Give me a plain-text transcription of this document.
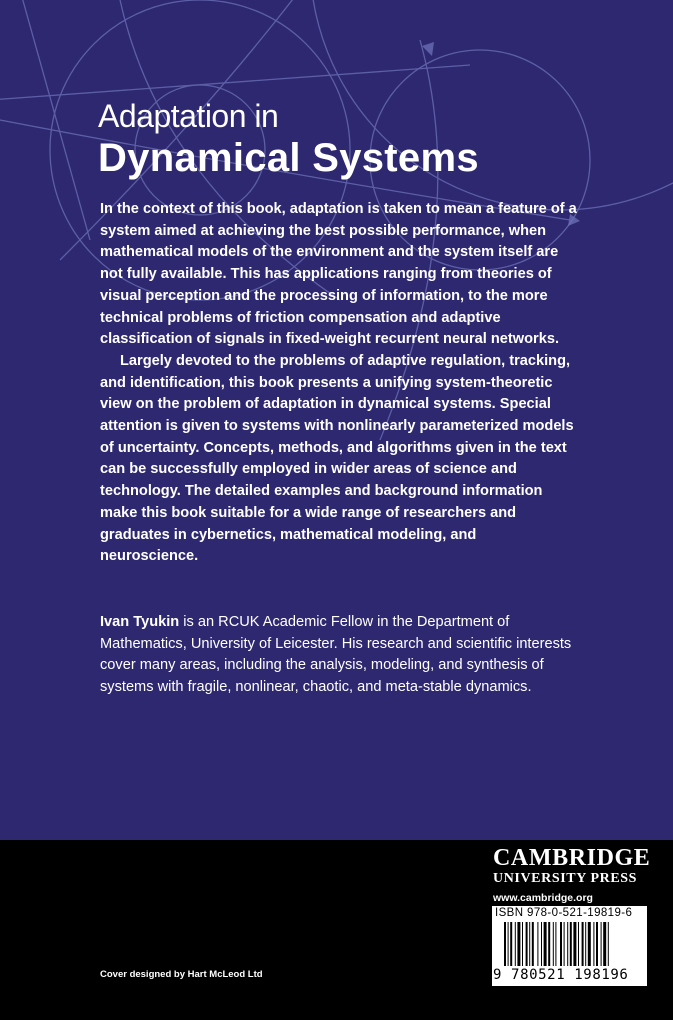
Adaptation in
Dynamical Systems

In the context of this book, adaptation is taken to mean a feature of a system aimed at achieving the best possible performance, when mathematical models of the environment and the system itself are not fully available. This has applications ranging from theories of visual perception and the processing of information, to the more technical problems of friction compensation and adaptive classification of signals in fixed-weight recurrent neural networks.

Largely devoted to the problems of adaptive regulation, tracking, and identification, this book presents a unifying system-theoretic view on the problem of adaptation in dynamical systems. Special attention is given to systems with nonlinearly parameterized models of uncertainty. Concepts, methods, and algorithms given in the text can be successfully employed in wider areas of science and technology. The detailed examples and background information make this book suitable for a wide range of researchers and graduates in cybernetics, mathematical modeling, and neuroscience.

Ivan Tyukin is an RCUK Academic Fellow in the Department of Mathematics, University of Leicester. His research and scientific interests cover many areas, including the analysis, modeling, and synthesis of systems with fragile, nonlinear, chaotic, and meta-stable dynamics.
CAMBRIDGE
UNIVERSITY PRESS
www.cambridge.org
ISBN 978-0-521-19819-6
9 780521 198196 >
Cover designed by Hart McLeod Ltd
